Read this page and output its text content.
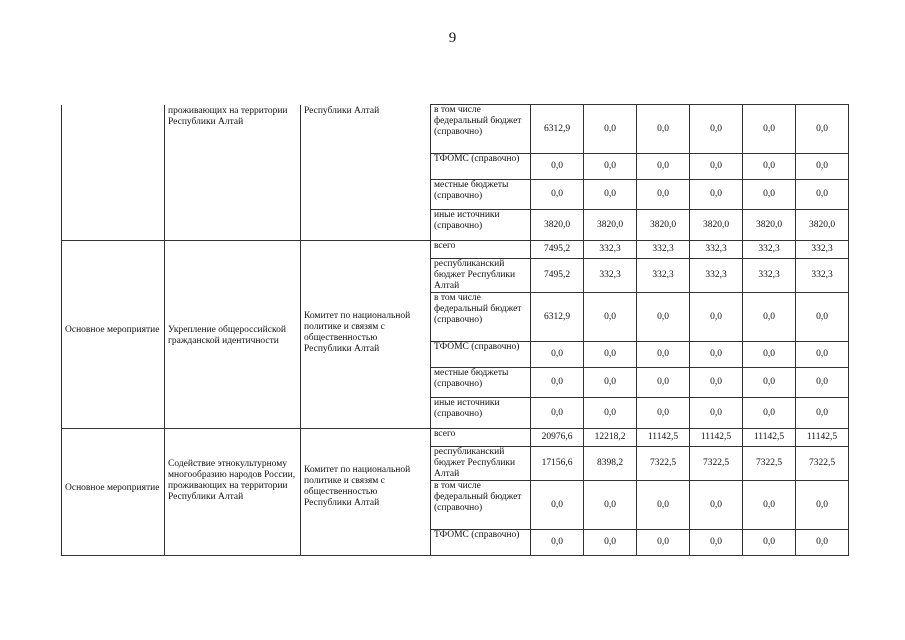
9
	проживающих на территории Республики Алтай	Республики Алтай	в том числе федеральный бюджет (справочно)	6312,9	0,0	0,0	0,0	0,0	0,0
			ТФОМС (справочно)	0,0	0,0	0,0	0,0	0,0	0,0
			местные бюджеты (справочно)	0,0	0,0	0,0	0,0	0,0	0,0
			иные источники (справочно)	3820,0	3820,0	3820,0	3820,0	3820,0	3820,0
Основное мероприятие	Укрепление общероссийской гражданской идентичности	Комитет по национальной политике и связям с общественностью Республики Алтай	всего	7495,2	332,3	332,3	332,3	332,3	332,3
			республиканский бюджет Республики Алтай	7495,2	332,3	332,3	332,3	332,3	332,3
			в том числе федеральный бюджет (справочно)	6312,9	0,0	0,0	0,0	0,0	0,0
			ТФОМС (справочно)	0,0	0,0	0,0	0,0	0,0	0,0
			местные бюджеты (справочно)	0,0	0,0	0,0	0,0	0,0	0,0
			иные источники (справочно)	0,0	0,0	0,0	0,0	0,0	0,0
Основное мероприятие	Содействие этнокультурному многообразию народов России, проживающих на территории Республики Алтай	Комитет по национальной политике и связям с общественностью Республики Алтай	всего	20976,6	12218,2	11142,5	11142,5	11142,5	11142,5
			республиканский бюджет Республики Алтай	17156,6	8398,2	7322,5	7322,5	7322,5	7322,5
			в том числе федеральный бюджет (справочно)	0,0	0,0	0,0	0,0	0,0	0,0
			ТФОМС (справочно)	0,0	0,0	0,0	0,0	0,0	0,0
